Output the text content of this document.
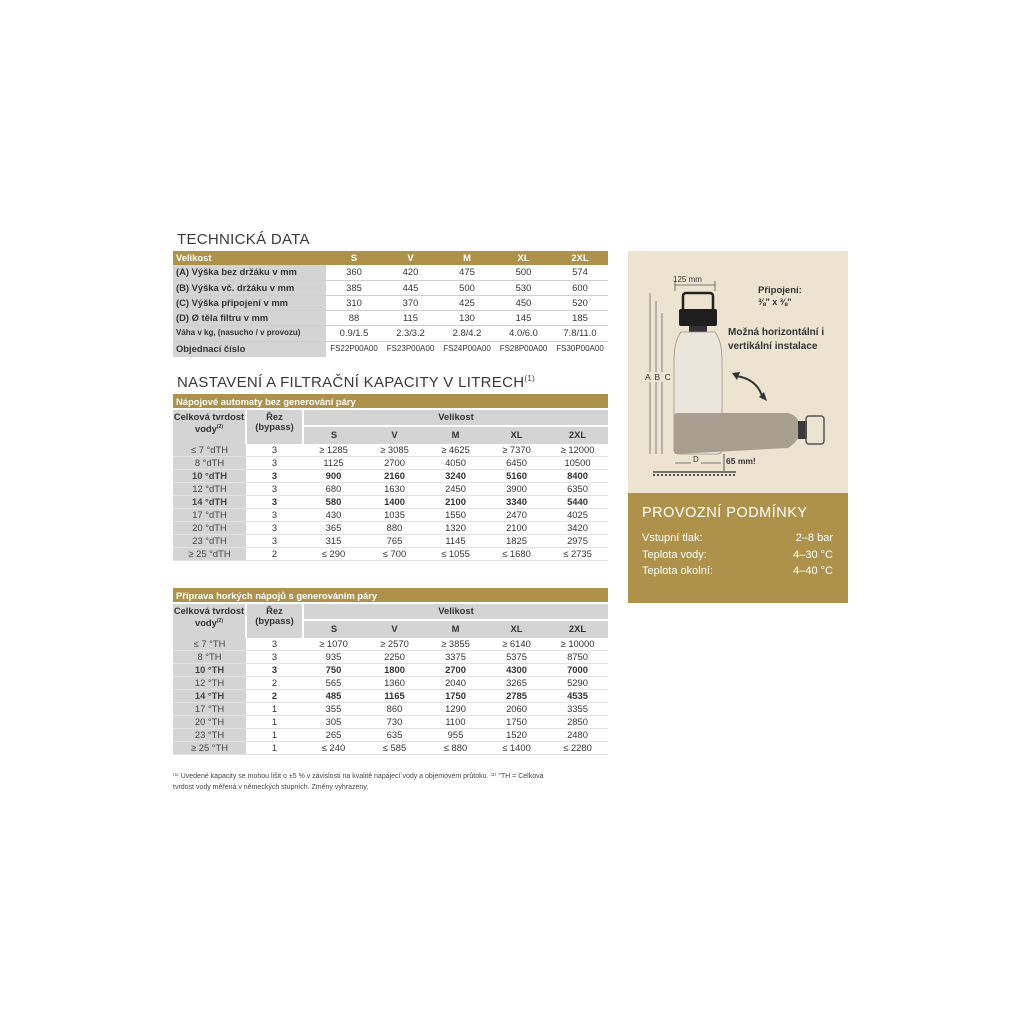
TECHNICKÁ DATA
Velikost	S	V	M	XL	2XL
(A) Výška bez držáku v mm	360	420	475	500	574
(B) Výška vč. držáku v mm	385	445	500	530	600
(C) Výška připojení v mm	310	370	425	450	520
(D) Ø těla filtru v mm	88	115	130	145	185
Váha v kg, (nasucho / v provozu)	0.9/1.5	2.3/3.2	2.8/4.2	4.0/6.0	7.8/11.0
Objednací číslo	FS22P00A00	FS23P00A00	FS24P00A00	FS28P00A00	FS30P00A00
NASTAVENÍ A FILTRAČNÍ KAPACITY V LITRECH$^{(1)}$
Nápojové automaty bez generování páry
Celková tvrdost vody$^{(2)}$	Řez (bypass)	Velikost				
		S	V	M	XL	2XL
≤ 7 °dTH	3	≥ 1285	≥ 3085	≥ 4625	≥ 7370	≥ 12000
8 °dTH	3	1125	2700	4050	6450	10500
10 °dTH	3	900	2160	3240	5160	8400
12 °dTH	3	680	1630	2450	3900	6350
14 °dTH	3	580	1400	2100	3340	5440
17 °dTH	3	430	1035	1550	2470	4025
20 °dTH	3	365	880	1320	2100	3420
23 °dTH	3	315	765	1145	1825	2975
≥ 25 °dTH	2	≤ 290	≤ 700	≤ 1055	≤ 1680	≤ 2735
Příprava horkých nápojů s generováním páry
Celková tvrdost vody$^{(2)}$	Řez (bypass)	Velikost				
		S	V	M	XL	2XL
≤ 7 °TH	3	≥ 1070	≥ 2570	≥ 3855	≥ 6140	≥ 10000
8 °TH	3	935	2250	3375	5375	8750
10 °TH	3	750	1800	2700	4300	7000
12 °TH	2	565	1360	2040	3265	5290
14 °TH	2	485	1165	1750	2785	4535
17 °TH	1	355	860	1290	2060	3355
20 °TH	1	305	730	1100	1750	2850
23 °TH	1	265	635	955	1520	2480
≥ 25 °TH	1	≤ 240	≤ 585	≤ 880	≤ 1400	≤ 2280
⁽¹⁾ Uvedené kapacity se mohou lišit o ±5 % v závislosti na kvalitě napájecí vody a objemovém průtoku. ⁽²⁾ °TH = Celková
tvrdost vody měřená v německých stupních. Změny vyhrazeny.
125 mm
Připojení:
⅜" x ⅜"
Možná horizontální i
vertikální instalace
A B C
D	65 mm!
PROVOZNÍ PODMÍNKY
Vstupní tlak:	2–8 bar
Teplota vody:	4–30 °C
Teplota okolní:	4–40 °C
